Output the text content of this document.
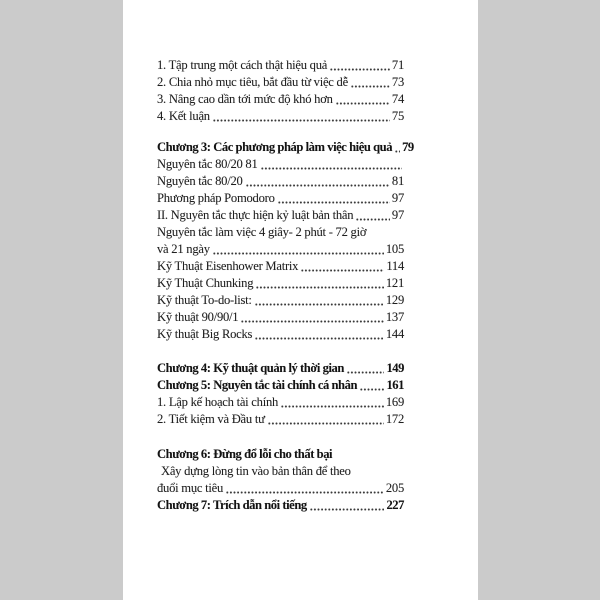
1. Tập trung một cách thật hiệu quả	71
2. Chia nhỏ mục tiêu, bắt đầu từ việc dễ	73
3. Nâng cao dần tới mức độ khó hơn	74
4. Kết luận	75
Chương 3: Các phương pháp làm việc hiệu quả 79
Nguyên tắc 80/20 81
Nguyên tắc 80/20	81
Phương pháp Pomodoro	97
II. Nguyên tắc thực hiện kỷ luật bản thân	97
Nguyên tắc làm việc 4 giây- 2 phút - 72 giờ
và 21 ngày	105
Kỹ Thuật Eisenhower Matrix	114
Kỹ Thuật Chunking	121
Kỹ thuật To-do-list:	129
Kỹ thuật 90/90/1	137
Kỹ thuật Big Rocks	144
Chương 4: Kỹ thuật quản lý thời gian	149
Chương 5: Nguyên tắc tài chính cá nhân 161
1. Lập kế hoạch tài chính	169
2. Tiết kiệm và Đầu tư	172
Chương 6: Đừng đổ lỗi cho thất bại
Xây dựng lòng tin vào bản thân để theo
đuổi mục tiêu	205
Chương 7: Trích dẫn nổi tiếng	227
